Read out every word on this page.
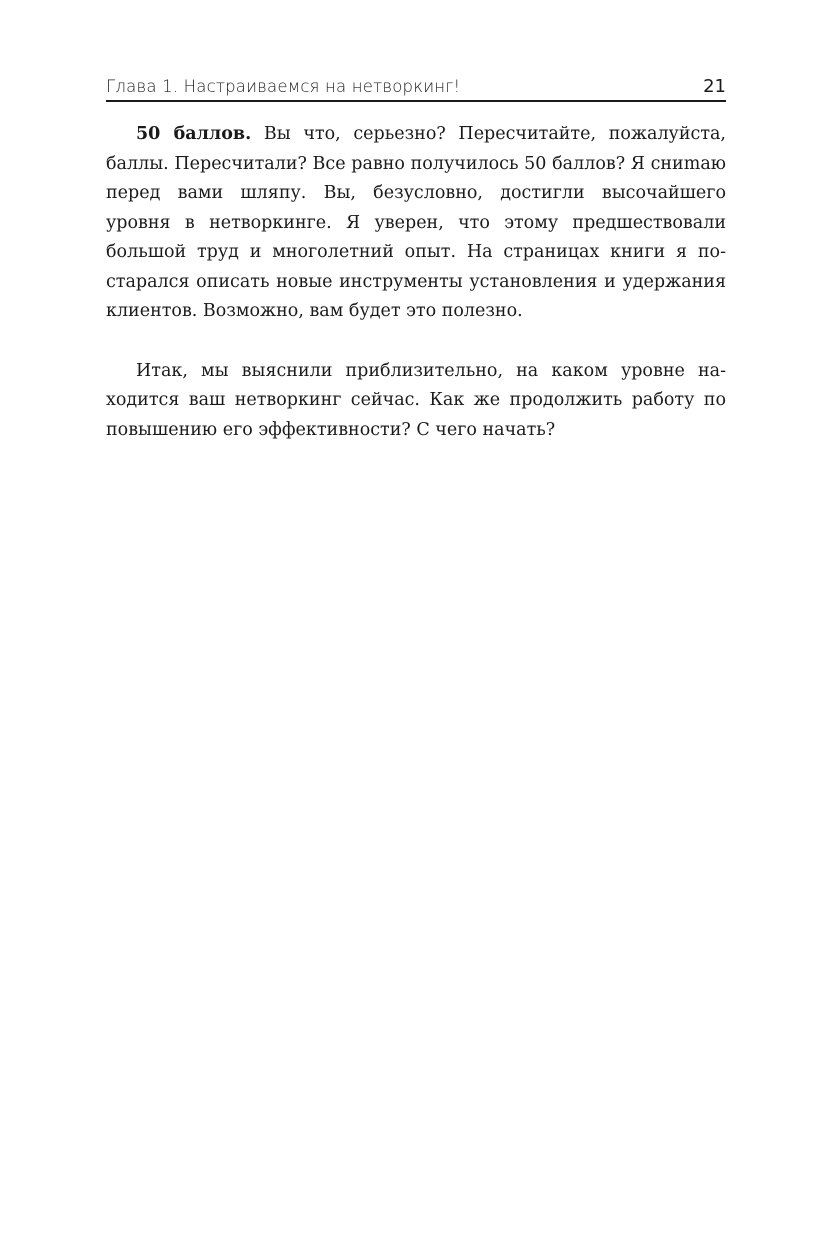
Глава 1. Настраиваемся на нетворкинг!	21

50 баллов. Вы что, серьезно? Пересчитайте, пожалуйста, баллы. Пересчитали? Все равно получилось 50 баллов? Я сниmаю перед вами шляпу. Вы, безусловно, достигли высочайшего уровня в нетворкинге. Я уверен, что этому предшествовали большой труд и многолетний опыт. На страницах книги я постарался описать новые инструменты установления и удержания клиентов. Возможно, вам будет это полезно.

Итак, мы выяснили приблизительно, на каком уровне находится ваш нетворкинг сейчас. Как же продолжить работу по повышению его эффективности? С чего начать?
